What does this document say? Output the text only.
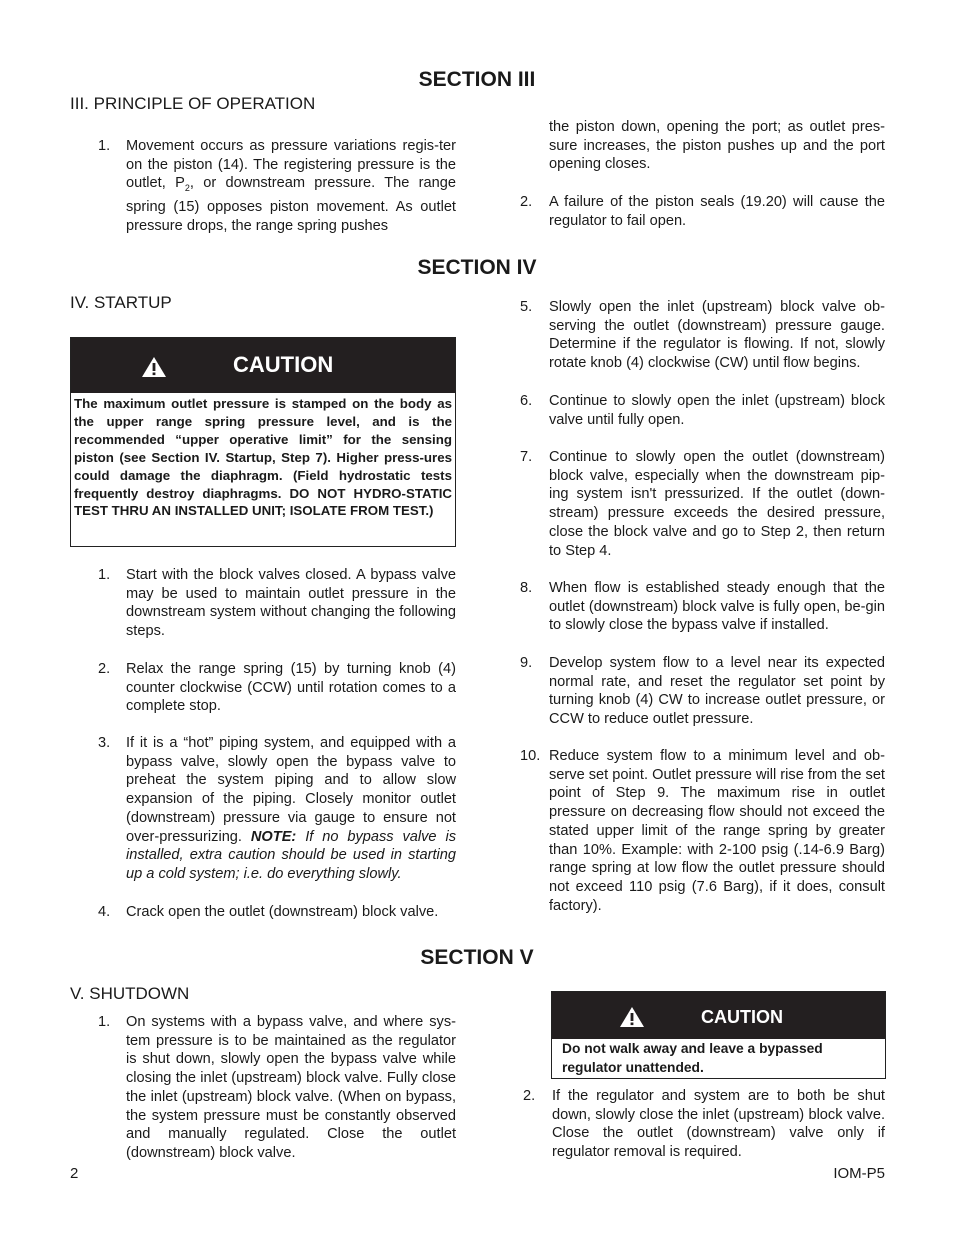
SECTION III
III. PRINCIPLE OF OPERATION
1. Movement occurs as pressure variations regis-ter on the piston (14). The registering pressure is the outlet, $P_2$, or downstream pressure. The range spring (15) opposes piston movement. As outlet pressure drops, the range spring pushes
the piston down, opening the port; as outlet pres-sure increases, the piston pushes up and the port opening closes.
2. A failure of the piston seals (19.20) will cause the regulator to fail open.
SECTION IV
IV. STARTUP
CAUTION
The maximum outlet pressure is stamped on the body as the upper range spring pressure level, and is the recommended “upper operative limit” for the sensing piston (see Section IV. Startup, Step 7). Higher press-ures could damage the diaphragm. (Field hydrostatic tests frequently destroy diaphragms. DO NOT HYDRO-STATIC TEST THRU AN INSTALLED UNIT; ISOLATE FROM TEST.)
1. Start with the block valves closed. A bypass valve may be used to maintain outlet pressure in the downstream system without changing the following steps.
2. Relax the range spring (15) by turning knob (4) counter clockwise (CCW) until rotation comes to a complete stop.
3. If it is a “hot” piping system, and equipped with a bypass valve, slowly open the bypass valve to preheat the system piping and to allow slow expansion of the piping. Closely monitor outlet (downstream) pressure via gauge to ensure not over-pressurizing. NOTE: If no bypass valve is installed, extra caution should be used in starting up a cold system; i.e. do everything slowly.
4. Crack open the outlet (downstream) block valve.
5. Slowly open the inlet (upstream) block valve ob-serving the outlet (downstream) pressure gauge. Determine if the regulator is flowing. If not, slowly rotate knob (4) clockwise (CW) until flow begins.
6. Continue to slowly open the inlet (upstream) block valve until fully open.
7. Continue to slowly open the outlet (downstream) block valve, especially when the downstream pip-ing system isn't pressurized. If the outlet (down-stream) pressure exceeds the desired pressure, close the block valve and go to Step 2, then return to Step 4.
8. When flow is established steady enough that the outlet (downstream) block valve is fully open, be-gin to slowly close the bypass valve if installed.
9. Develop system flow to a level near its expected normal rate, and reset the regulator set point by turning knob (4) CW to increase outlet pressure, or CCW to reduce outlet pressure.
10. Reduce system flow to a minimum level and ob-serve set point. Outlet pressure will rise from the set point of Step 9. The maximum rise in outlet pressure on decreasing flow should not exceed the stated upper limit of the range spring by greater than 10%. Example: with 2-100 psig (.14-6.9 Barg) range spring at low flow the outlet pressure should not exceed 110 psig (7.6 Barg), if it does, consult factory).
SECTION V
V. SHUTDOWN
1. On systems with a bypass valve, and where sys-tem pressure is to be maintained as the regulator is shut down, slowly open the bypass valve while closing the inlet (upstream) block valve. Fully close the inlet (upstream) block valve. (When on bypass, the system pressure must be constantly observed and manually regulated. Close the outlet (downstream) block valve.
CAUTION
Do not walk away and leave a bypassed regulator unattended.
2. If the regulator and system are to both be shut down, slowly close the inlet (upstream) block valve. Close the outlet (downstream) valve only if regulator removal is required.
2	IOM-P5
